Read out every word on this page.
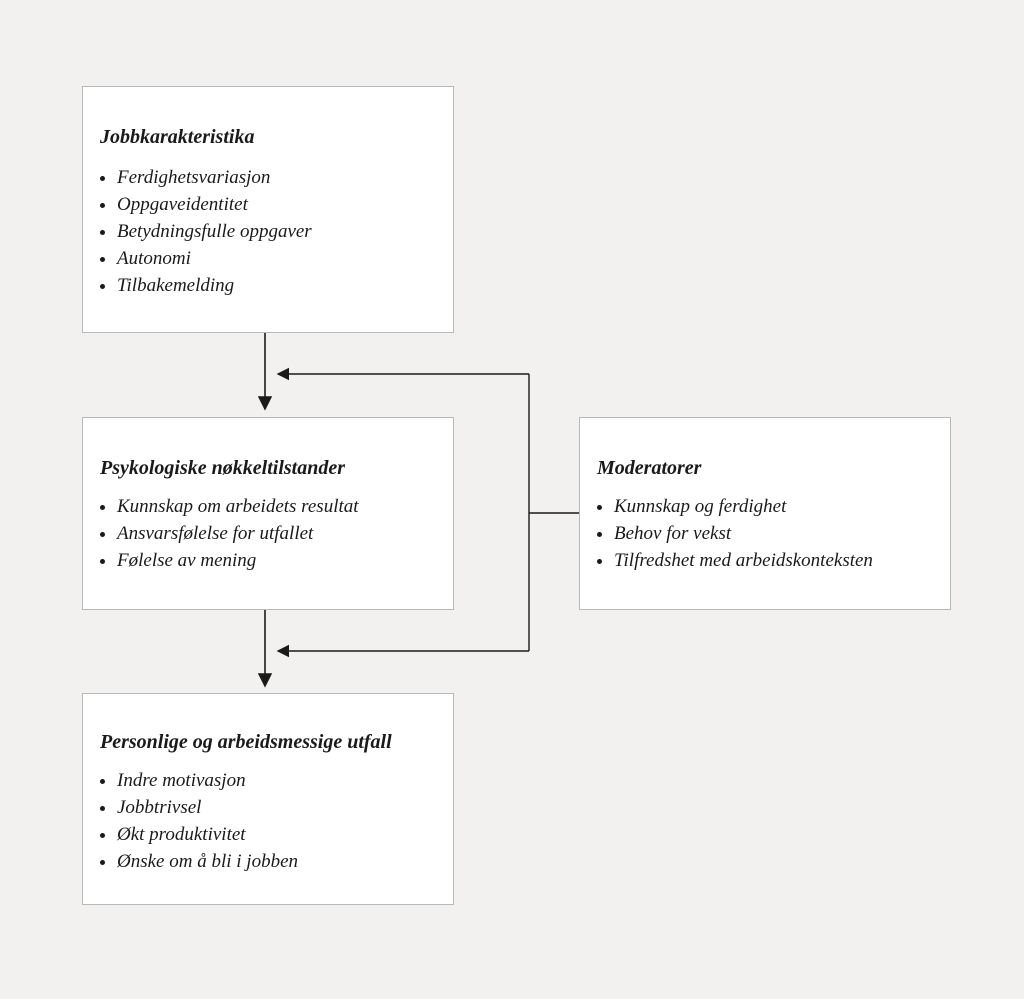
Jobbkarakteristika
• Ferdighetsvariasjon
• Oppgaveidentitet
• Betydningsfulle oppgaver
• Autonomi
• Tilbakemelding
Psykologiske nøkkeltilstander
• Kunnskap om arbeidets resultat
• Ansvarsfølelse for utfallet
• Følelse av mening
Moderatorer
• Kunnskap og ferdighet
• Behov for vekst
• Tilfredshet med arbeidskonteksten
Personlige og arbeidsmessige utfall
• Indre motivasjon
• Jobbtrivsel
• Økt produktivitet
• Ønske om å bli i jobben
